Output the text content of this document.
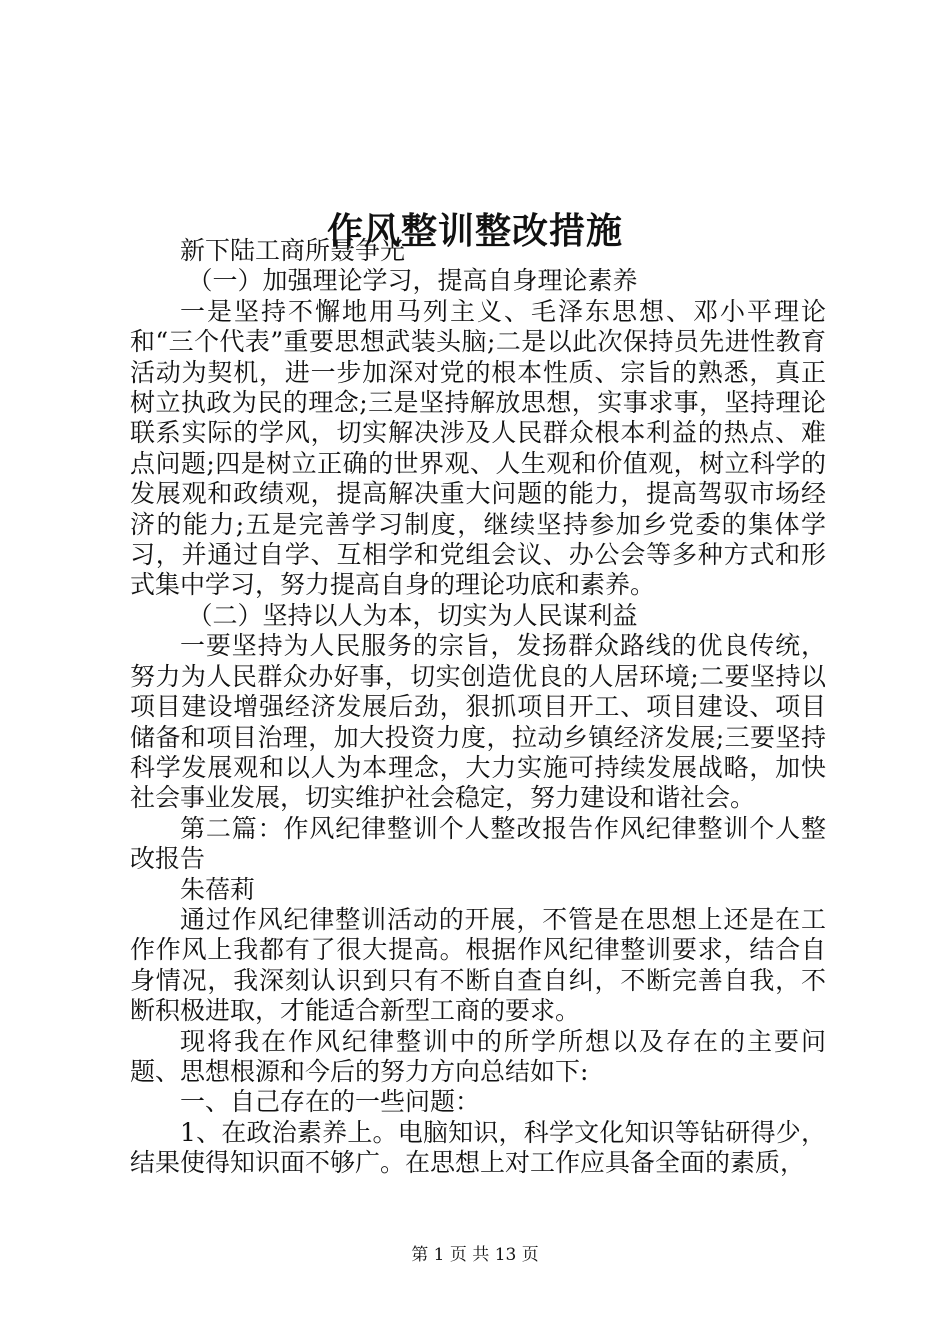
作风整训整改措施

新下陆工商所聂争光

（一）加强理论学习，提高自身理论素养

一是坚持不懈地用马列主义、毛泽东思想、邓小平理论和“三个代表”重要思想武装头脑;二是以此次保持员先进性教育活动为契机，进一步加深对党的根本性质、宗旨的熟悉，真正树立执政为民的理念;三是坚持解放思想，实事求事，坚持理论联系实际的学风，切实解决涉及人民群众根本利益的热点、难点问题;四是树立正确的世界观、人生观和价值观，树立科学的发展观和政绩观，提高解决重大问题的能力，提高驾驭市场经济的能力;五是完善学习制度，继续坚持参加乡党委的集体学习，并通过自学、互相学和党组会议、办公会等多种方式和形式集中学习，努力提高自身的理论功底和素养。

（二）坚持以人为本，切实为人民谋利益

一要坚持为人民服务的宗旨，发扬群众路线的优良传统，努力为人民群众办好事，切实创造优良的人居环境;二要坚持以项目建设增强经济发展后劲，狠抓项目开工、项目建设、项目储备和项目治理，加大投资力度，拉动乡镇经济发展;三要坚持科学发展观和以人为本理念，大力实施可持续发展战略，加快社会事业发展，切实维护社会稳定，努力建设和谐社会。

第二篇：作风纪律整训个人整改报告作风纪律整训个人整改报告

朱蓓莉

通过作风纪律整训活动的开展，不管是在思想上还是在工作作风上我都有了很大提高。根据作风纪律整训要求，结合自身情况，我深刻认识到只有不断自查自纠，不断完善自我，不断积极进取，才能适合新型工商的要求。

现将我在作风纪律整训中的所学所想以及存在的主要问题、思想根源和今后的努力方向总结如下:

一、自己存在的一些问题：

1、在政治素养上。电脑知识，科学文化知识等钻研得少，结果使得知识面不够广。在思想上对工作应具备全面的素质，

第 1 页 共 13 页
